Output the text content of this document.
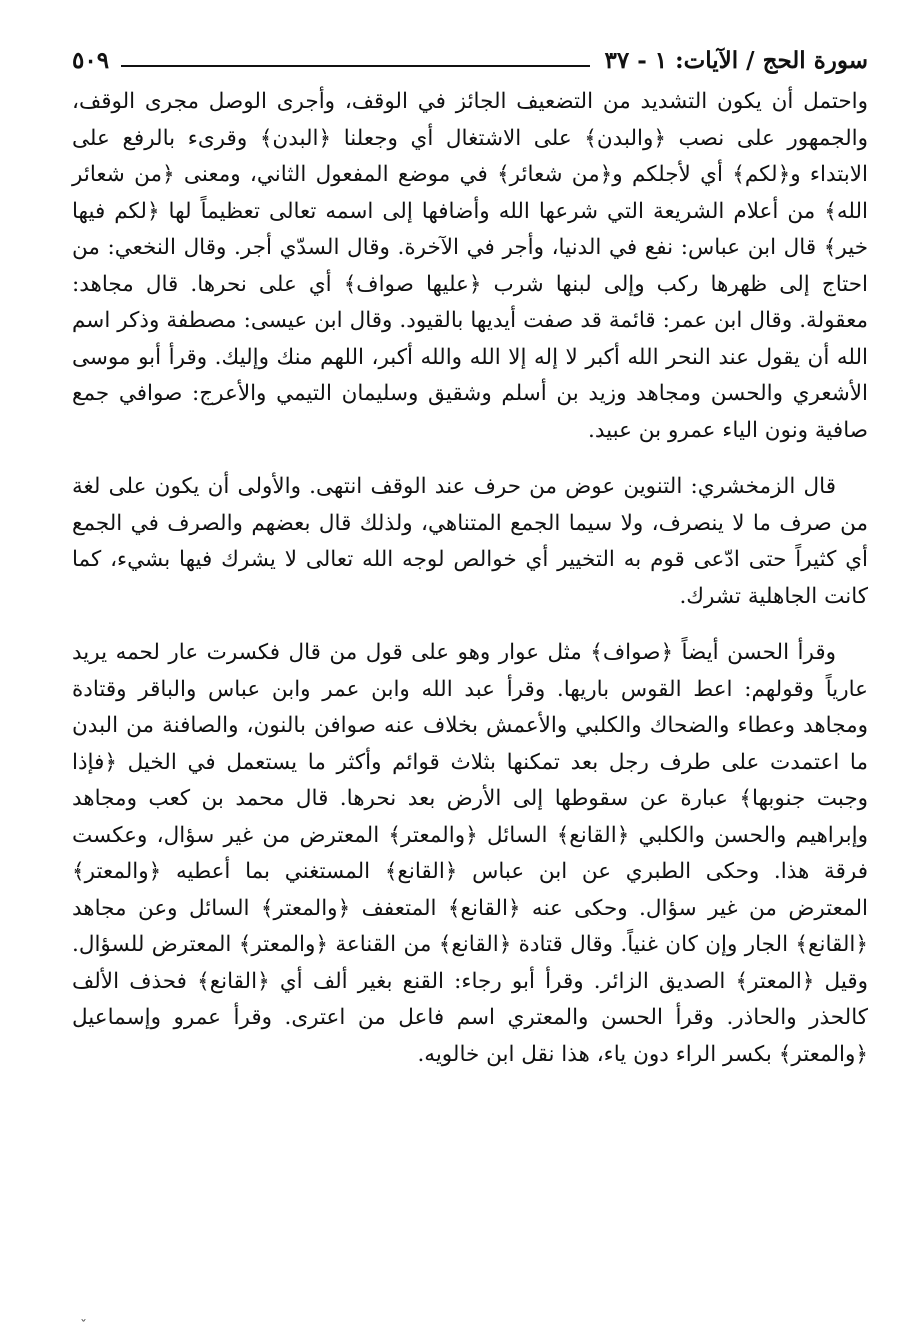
سورة الحج / الآيات: ١ - ٣٧
٥٠٩

واحتمل أن يكون التشديد من التضعيف الجائز في الوقف، وأجرى الوصل مجرى الوقف، والجمهور على نصب ﴿والبدن﴾ على الاشتغال أي وجعلنا ﴿البدن﴾ وقرىء بالرفع على الابتداء و﴿لكم﴾ أي لأجلكم و﴿من شعائر﴾ في موضع المفعول الثاني، ومعنى ﴿من شعائر الله﴾ من أعلام الشريعة التي شرعها الله وأضافها إلى اسمه تعالى تعظيماً لها ﴿لكم فيها خير﴾ قال ابن عباس: نفع في الدنيا، وأجر في الآخرة. وقال السدّي أجر. وقال النخعي: من احتاج إلى ظهرها ركب وإلى لبنها شرب ﴿عليها صواف﴾ أي على نحرها. قال مجاهد: معقولة. وقال ابن عمر: قائمة قد صفت أيديها بالقيود. وقال ابن عيسى: مصطفة وذكر اسم الله أن يقول عند النحر الله أكبر لا إله إلا الله والله أكبر، اللهم منك وإليك. وقرأ أبو موسى الأشعري والحسن ومجاهد وزيد بن أسلم وشقيق وسليمان التيمي والأعرج: صوافي جمع صافية ونون الياء عمرو بن عبيد.

قال الزمخشري: التنوين عوض من حرف عند الوقف انتهى. والأولى أن يكون على لغة من صرف ما لا ينصرف، ولا سيما الجمع المتناهي، ولذلك قال بعضهم والصرف في الجمع أي كثيراً حتى ادّعى قوم به التخيير أي خوالص لوجه الله تعالى لا يشرك فيها بشيء، كما كانت الجاهلية تشرك.

وقرأ الحسن أيضاً ﴿صواف﴾ مثل عوار وهو على قول من قال فكسرت عار لحمه يريد عارياً وقولهم: اعط القوس باريها. وقرأ عبد الله وابن عمر وابن عباس والباقر وقتادة ومجاهد وعطاء والضحاك والكلبي والأعمش بخلاف عنه صوافن بالنون، والصافنة من البدن ما اعتمدت على طرف رجل بعد تمكنها بثلاث قوائم وأكثر ما يستعمل في الخيل ﴿فإذا وجبت جنوبها﴾ عبارة عن سقوطها إلى الأرض بعد نحرها. قال محمد بن كعب ومجاهد وإبراهيم والحسن والكلبي ﴿القانع﴾ السائل ﴿والمعتر﴾ المعترض من غير سؤال، وعكست فرقة هذا. وحكى الطبري عن ابن عباس ﴿القانع﴾ المستغني بما أعطيه ﴿والمعتر﴾ المعترض من غير سؤال. وحكى عنه ﴿القانع﴾ المتعفف ﴿والمعتر﴾ السائل وعن مجاهد ﴿القانع﴾ الجار وإن كان غنياً. وقال قتادة ﴿القانع﴾ من القناعة ﴿والمعتر﴾ المعترض للسؤال. وقيل ﴿المعتر﴾ الصديق الزائر. وقرأ أبو رجاء: القنع بغير ألف أي ﴿القانع﴾ فحذف الألف كالحذر والحاذر. وقرأ الحسن والمعتري اسم فاعل من اعترى. وقرأ عمرو وإسماعيل ﴿والمعتر﴾ بكسر الراء دون ياء، هذا نقل ابن خالويه.

ˇ
